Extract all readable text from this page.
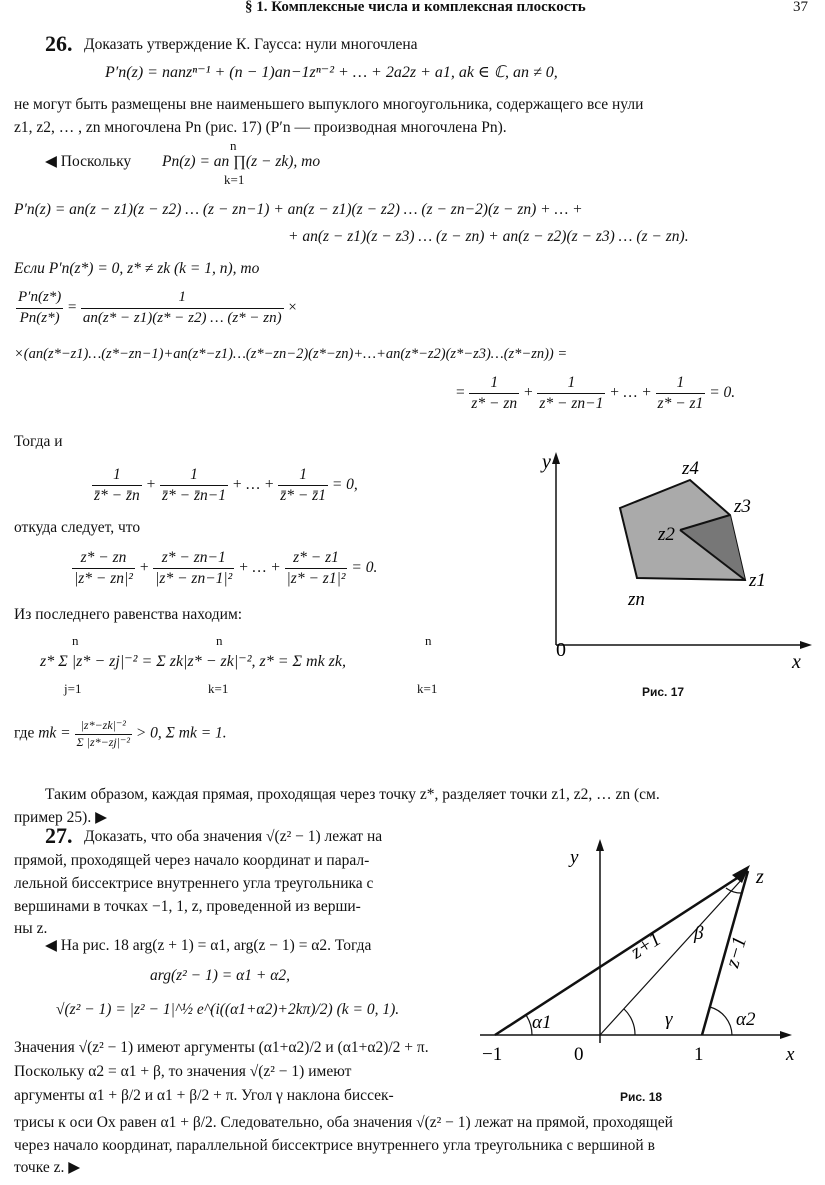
§ 1. Комплексные числа и комплексная плоскость	37
26. Доказать утверждение К. Гаусса: нули многочлена
P′n(z) = nanzⁿ⁻¹ + (n − 1)an−1zⁿ⁻² + … + 2a2z + a1, ak ∈ ℂ, an ≠ 0,
не могут быть размещены вне наименьшего выпуклого многоугольника, содержащего все нули
z1, z2, … , zn многочлена Pn (рис. 17) (P′n — производная многочлена Pn).
◀ Поскольку Pn(z) = an ∏(z − zk), то
n
k=1
P′n(z) = an(z − z1)(z − z2) … (z − zn−1) + an(z − z1)(z − z2) … (z − zn−2)(z − zn) + … +
+ an(z − z1)(z − z3) … (z − zn) + an(z − z2)(z − z3) … (z − zn).
Если P′n(z*) = 0, z* ≠ zk (k = 1, n), то
$\frac{P'n(z*)}{Pn(z*)} = \frac{1}{an(z* - z1)(z* - z2) \dots (z* - zn)}$ ×
×(an(z*−z1)…(z*−zn−1)+an(z*−z1)…(z*−zn−2)(z*−zn)+…+an(z*−z2)(z*−z3)…(z*−zn)) =
= $\frac{1}{z* - zn} + \frac{1}{z* - zn-1}$ + … + $\frac{1}{z* - z1} = 0$.
Тогда и
$\frac{1}{z̄* - z̄n} + \frac{1}{z̄* - z̄n-1}$ + … + $\frac{1}{z̄* - z̄1} = 0$,
откуда следует, что
$\frac{z* - zn}{\text{|z* − zn|²}} + \frac{z* - zn-1}{\text{|z* − zn−1|²}}$ + … + $\frac{z* - z1}{\text{|z* − z1|²}} = 0$.
Из последнего равенства находим:
z* Σ |z* − zj|⁻² = Σ zk|z* − zk|⁻², z* = Σ mk zk,
n
j=1
n
k=1
n
k=1
где mk = $\frac{\text{|z*−zk|⁻²}}{\text{Σ |z*−zj|⁻²}} > 0$, Σ mk = 1.
Таким образом, каждая прямая, проходящая через точку z*, разделяет точки z1, z2, … zn (см.
пример 25). ▶
y
x
0
z4
z3
z2
z1
zn
Рис. 17
27. Доказать, что оба значения √(z² − 1) лежат на
прямой, проходящей через начало координат и парал-
лельной биссектрисе внутреннего угла треугольника с
вершинами в точках −1, 1, z, проведенной из верши-
ны z.
◀ На рис. 18 arg(z + 1) = α1, arg(z − 1) = α2. Тогда
arg(z² − 1) = α1 + α2,
√(z² − 1) = |z² − 1|^½ e^(i((α1+α2)+2kπ)/2) (k = 0, 1).
Значения √(z² − 1) имеют аргументы (α1+α2)/2 и (α1+α2)/2 + π.
Поскольку α2 = α1 + β, то значения √(z² − 1) имеют
аргументы α1 + β/2 и α1 + β/2 + π. Угол γ наклона биссек-
трисы к оси Ox равен α1 + β/2. Следовательно, оба значения √(z² − 1) лежат на прямой, проходящей
через начало координат, параллельной биссектрисе внутреннего угла треугольника с вершиной в
точке z. ▶
y
x
z
z+1	z−1
β
γ
α1	α2
−1	0	1
Рис. 18
